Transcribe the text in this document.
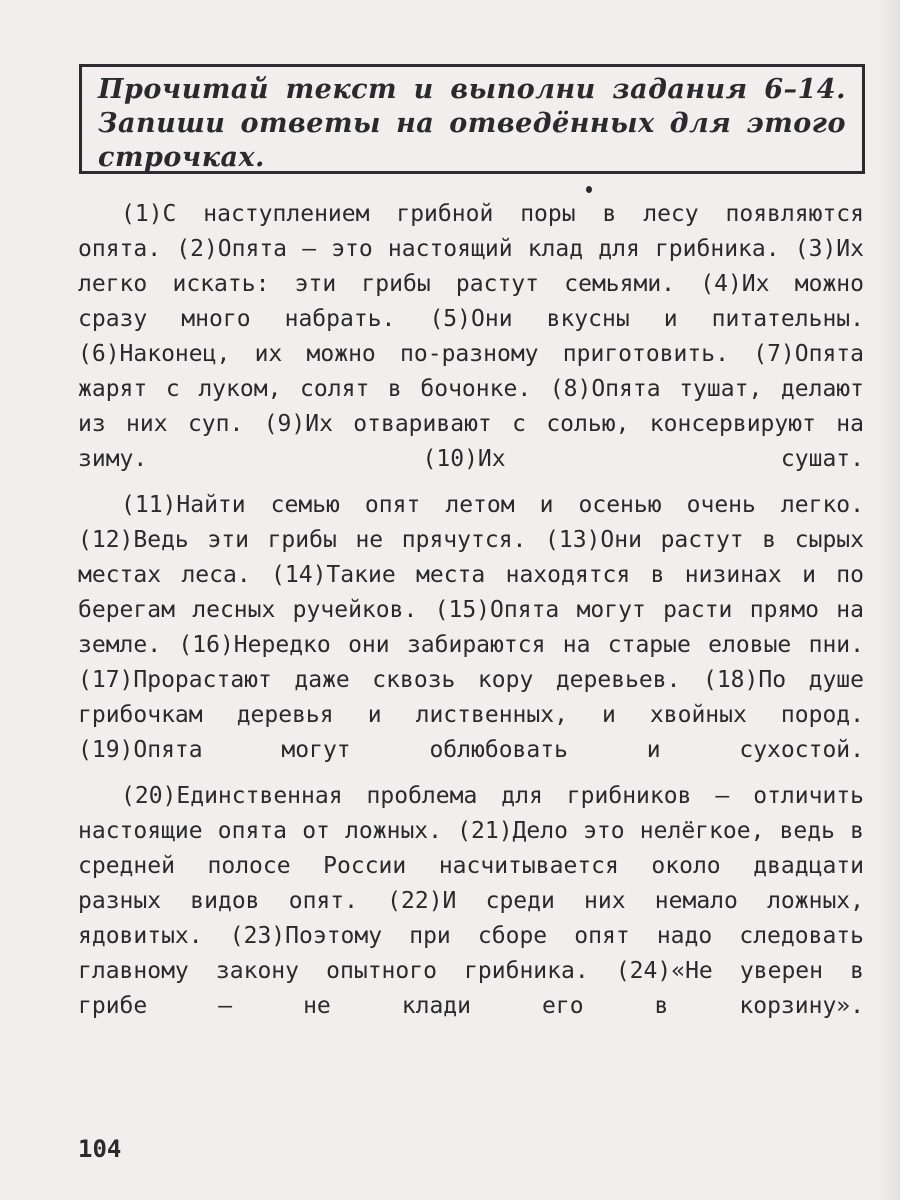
Прочитай текст и выполни задания 6–14. Запиши ответы на отведённых для этого строчках.

(1)С наступлением грибной поры в лесу появляются опята. (2)Опята — это настоящий клад для грибника. (3)Их легко искать: эти грибы растут семьями. (4)Их можно сразу много набрать. (5)Они вкусны и питательны. (6)Наконец, их можно по-разному приготовить. (7)Опята жарят с луком, солят в бочонке. (8)Опята тушат, делают из них суп. (9)Их отваривают с солью, консервируют на зиму. (10)Их сушат.

(11)Найти семью опят летом и осенью очень легко. (12)Ведь эти грибы не прячутся. (13)Они растут в сырых местах леса. (14)Такие места находятся в низинах и по берегам лесных ручейков. (15)Опята могут расти прямо на земле. (16)Нередко они забираются на старые еловые пни. (17)Прорастают даже сквозь кору деревьев. (18)По душе грибочкам деревья и лиственных, и хвойных пород. (19)Опята могут облюбовать и сухостой.

(20)Единственная проблема для грибников — отличить настоящие опята от ложных. (21)Дело это нелёгкое, ведь в средней полосе России насчитывается около двадцати разных видов опят. (22)И среди них немало ложных, ядовитых. (23)Поэтому при сборе опят надо следовать главному закону опытного грибника. (24)«Не уверен в грибе — не клади его в корзину».

104
